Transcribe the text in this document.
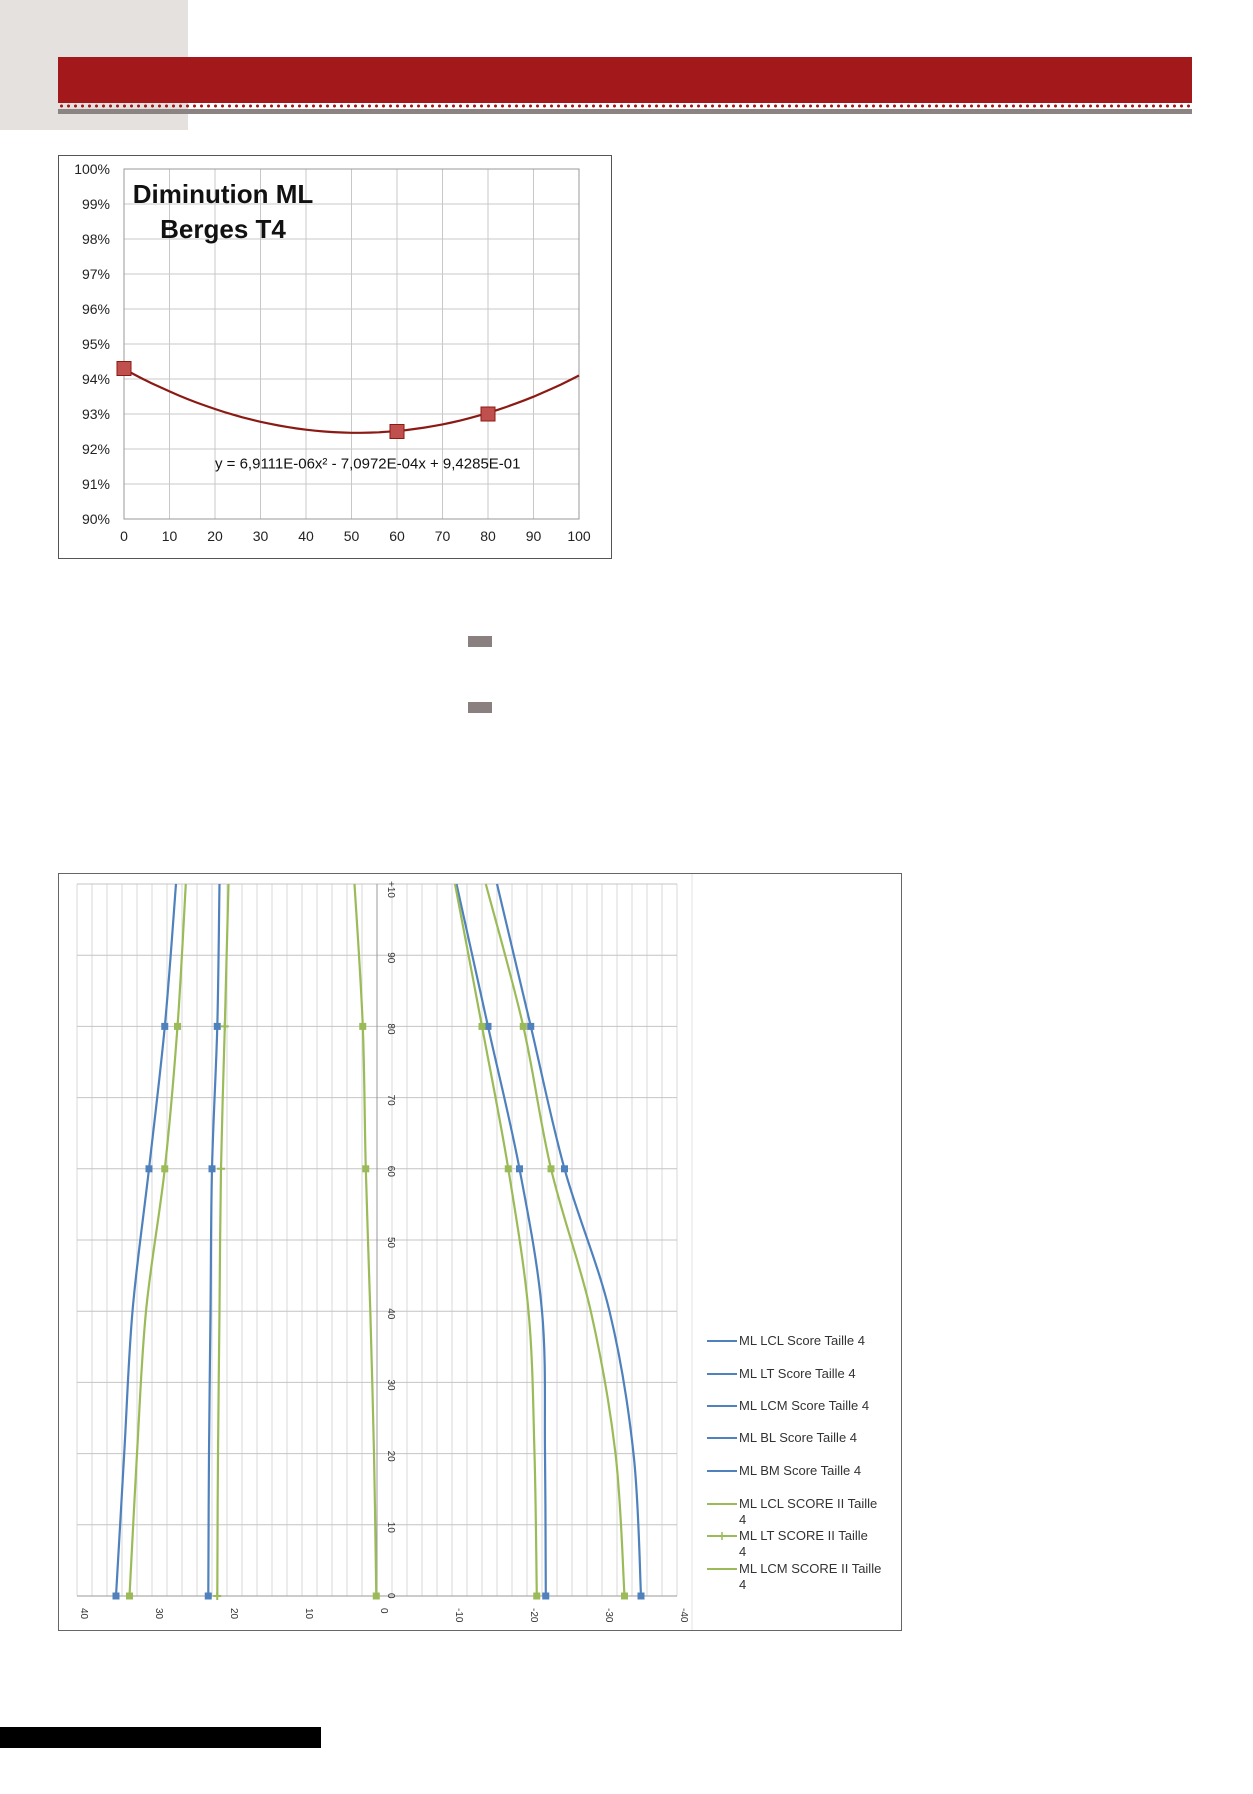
90%
91%
92%
93%
94%
95%
96%
97%
98%
99%
100%
0 10 20 30 40 50 60 70 80 90 100
Diminution ML
Berges T4
y = 6,9111E-06x² - 7,0972E-04x + 9,4285E-01
40	30	20	10	0	-10	-20	-30	-40
0
10
20
30
40
50
60
70
80
90
+10
ML LCL Score Taille 4
ML LT Score Taille 4
ML LCM Score Taille 4
ML BL Score Taille 4
ML BM Score Taille 4
ML LCL SCORE II Taille 4
ML LT SCORE II Taille 4
ML LCM SCORE II Taille 4
